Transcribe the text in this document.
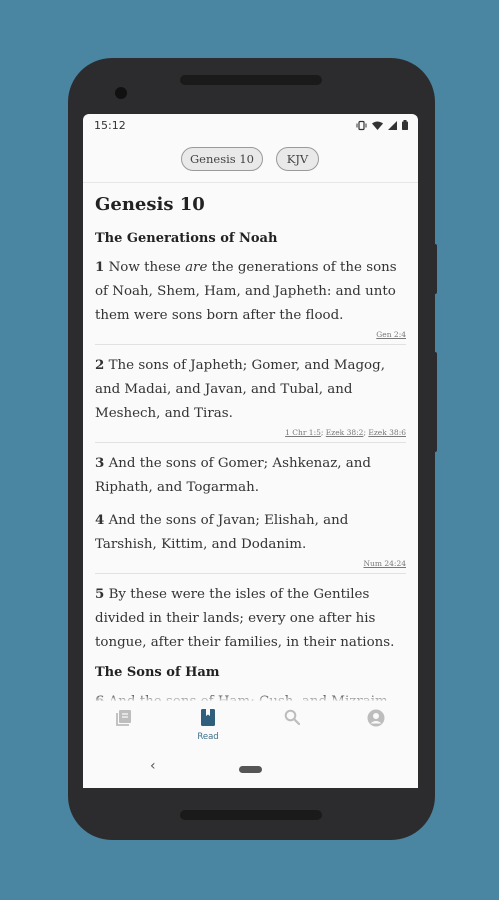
15:12
Genesis 10	KJV
Genesis 10
The Generations of Noah

1 Now these are the generations of the sons of Noah, Shem, Ham, and Japheth: and unto them were sons born after the flood.

Gen 2:4

2 The sons of Japheth; Gomer, and Magog, and Madai, and Javan, and Tubal, and Meshech, and Tiras.

1 Chr 1:5; Ezek 38:2; Ezek 38:6

3 And the sons of Gomer; Ashkenaz, and Riphath, and Togarmah.

4 And the sons of Javan; Elishah, and Tarshish, Kittim, and Dodanim.

Num 24:24

5 By these were the isles of the Gentiles divided in their lands; every one after his tongue, after their families, in their nations.

The Sons of Ham

Read
‹
